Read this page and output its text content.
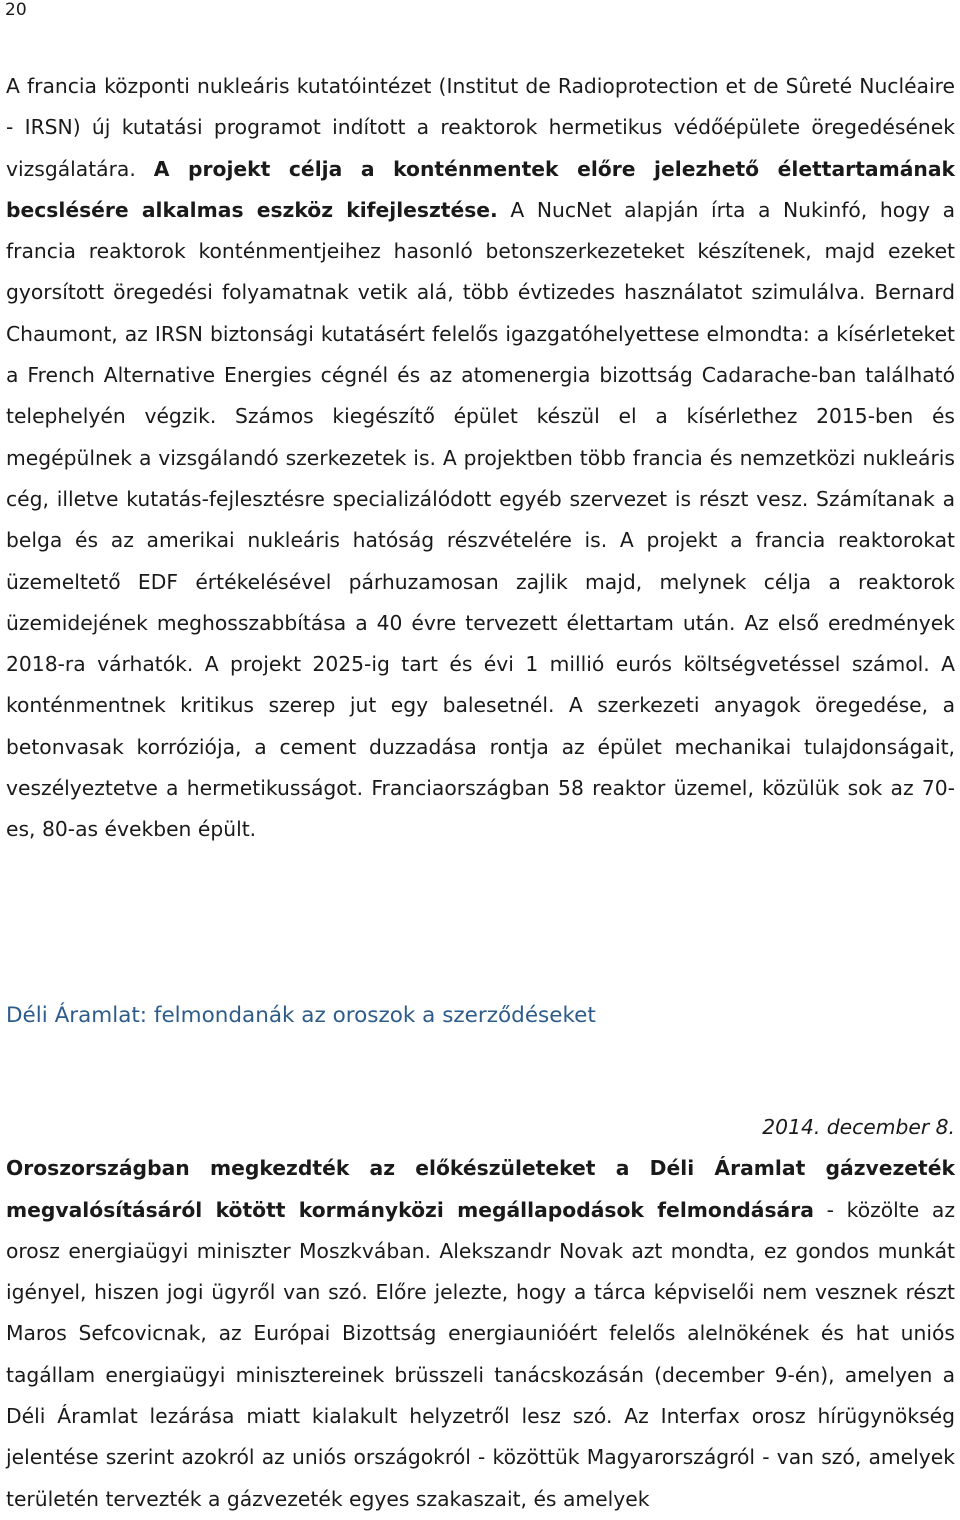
20

A francia központi nukleáris kutatóintézet (Institut de Radioprotection et de Sûreté Nucléaire - IRSN) új kutatási programot indított a reaktorok hermetikus védőépülete öregedésének vizsgálatára. A projekt célja a konténmentek előre jelezhető élettartamának becslésére alkalmas eszköz kifejlesztése. A NucNet alapján írta a Nukinfó, hogy a francia reaktorok konténmentjeihez hasonló betonszerkezeteket készítenek, majd ezeket gyorsított öregedési folyamatnak vetik alá, több évtizedes használatot szimulálva. Bernard Chaumont, az IRSN biztonsági kutatásért felelős igazgatóhelyettese elmondta: a kísérleteket a French Alternative Energies cégnél és az atomenergia bizottság Cadarache-ban található telephelyén végzik. Számos kiegészítő épület készül el a kísérlethez 2015-ben és megépülnek a vizsgálandó szerkezetek is. A projektben több francia és nemzetközi nukleáris cég, illetve kutatás-fejlesztésre specializálódott egyéb szervezet is részt vesz. Számítanak a belga és az amerikai nukleáris hatóság részvételére is. A projekt a francia reaktorokat üzemeltető EDF értékelésével párhuzamosan zajlik majd, melynek célja a reaktorok üzemidejének meghosszabbítása a 40 évre tervezett élettartam után. Az első eredmények 2018-ra várhatók. A projekt 2025-ig tart és évi 1 millió eurós költségvetéssel számol. A konténmentnek kritikus szerep jut egy balesetnél. A szerkezeti anyagok öregedése, a betonvasak korróziója, a cement duzzadása rontja az épület mechanikai tulajdonságait, veszélyeztetve a hermetikusságot. Franciaországban 58 reaktor üzemel, közülük sok az 70-es, 80-as években épült.

Déli Áramlat: felmondanák az oroszok a szerződéseket

2014. december 8.
Oroszországban megkezdték az előkészületeket a Déli Áramlat gázvezeték megvalósításáról kötött kormányközi megállapodások felmondására - közölte az orosz energiaügyi miniszter Moszkvában. Alekszandr Novak azt mondta, ez gondos munkát igényel, hiszen jogi ügyről van szó. Előre jelezte, hogy a tárca képviselői nem vesznek részt Maros Sefcovicnak, az Európai Bizottság energiaunióért felelős alelnökének és hat uniós tagállam energiaügyi minisztereinek brüsszeli tanácskozásán (december 9-én), amelyen a Déli Áramlat lezárása miatt kialakult helyzetről lesz szó. Az Interfax orosz hírügynökség jelentése szerint azokról az uniós országokról - közöttük Magyarországról - van szó, amelyek területén tervezték a gázvezeték egyes szakaszait, és amelyek
